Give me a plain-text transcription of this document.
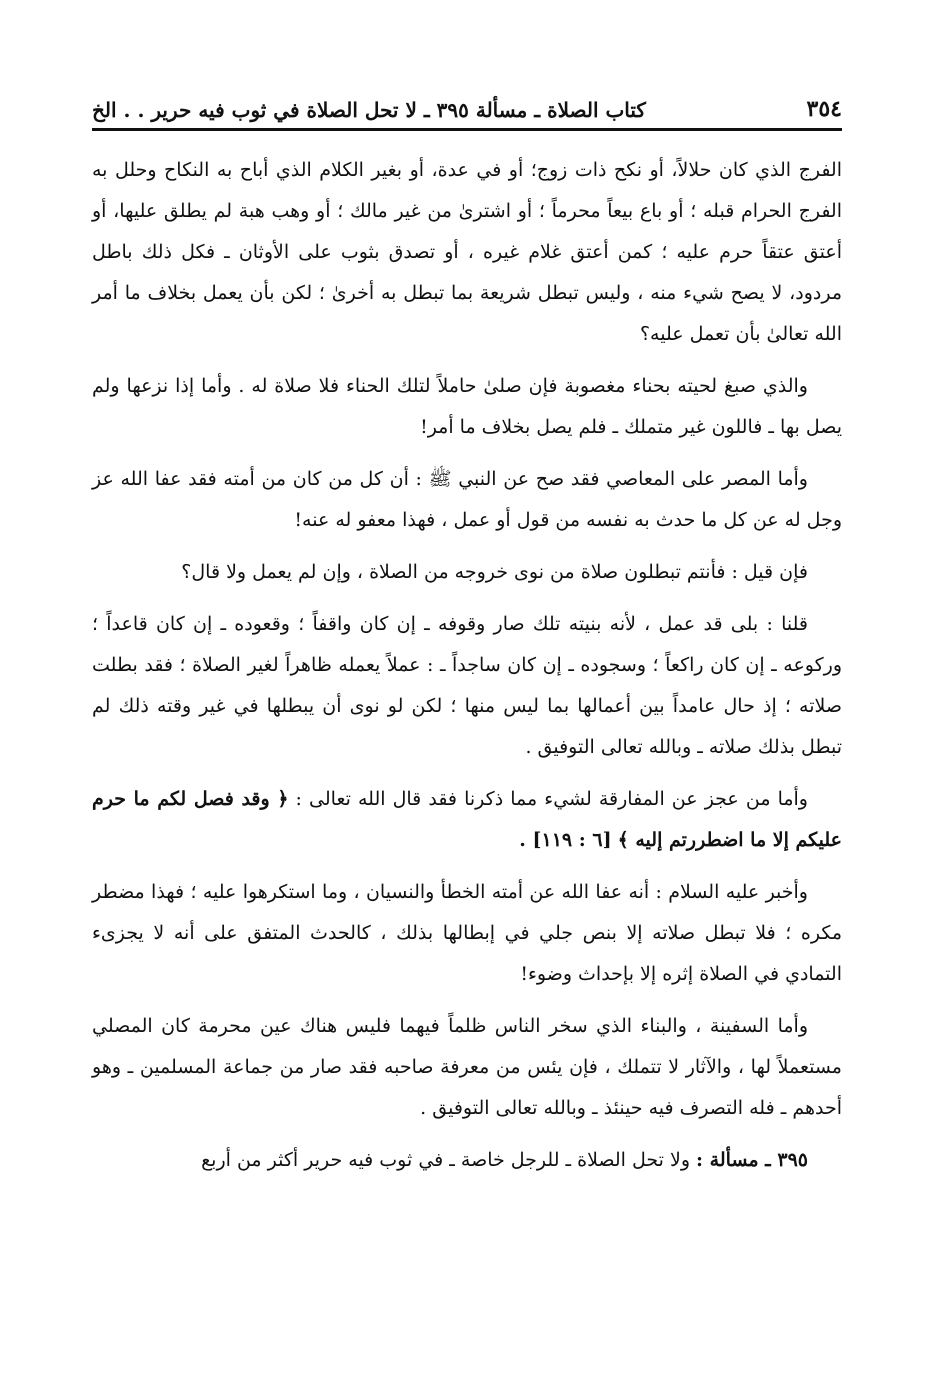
٣٥٤
كتاب الصلاة ـ مسألة ٣٩٥ ـ لا تحل الصلاة في ثوب فيه حرير . . الخ

الفرج الذي كان حلالاً، أو نكح ذات زوج؛ أو في عدة، أو بغير الكلام الذي أباح به النكاح وحلل به الفرج الحرام قبله ؛ أو باع بيعاً محرماً ؛ أو اشترىٰ من غير مالك ؛ أو وهب هبة لم يطلق عليها، أو أعتق عتقاً حرم عليه ؛ كمن أعتق غلام غيره ، أو تصدق بثوب على الأوثان ـ فكل ذلك باطل مردود، لا يصح شيء منه ، وليس تبطل شريعة بما تبطل به أخرىٰ ؛ لكن بأن يعمل بخلاف ما أمر الله تعالىٰ بأن تعمل عليه؟

والذي صبغ لحيته بحناء مغصوبة فإن صلىٰ حاملاً لتلك الحناء فلا صلاة له . وأما إذا نزعها ولم يصل بها ـ فاللون غير متملك ـ فلم يصل بخلاف ما أمر!

وأما المصر على المعاصي فقد صح عن النبي ﷺ : أن كل من كان من أمته فقد عفا الله عز وجل له عن كل ما حدث به نفسه من قول أو عمل ، فهذا معفو له عنه!

فإن قيل : فأنتم تبطلون صلاة من نوى خروجه من الصلاة ، وإن لم يعمل ولا قال؟

قلنا : بلى قد عمل ، لأنه بنيته تلك صار وقوفه ـ إن كان واقفاً ؛ وقعوده ـ إن كان قاعداً ؛ وركوعه ـ إن كان راكعاً ؛ وسجوده ـ إن كان ساجداً ـ : عملاً يعمله ظاهراً لغير الصلاة ؛ فقد بطلت صلاته ؛ إذ حال عامداً بين أعمالها بما ليس منها ؛ لكن لو نوى أن يبطلها في غير وقته ذلك لم تبطل بذلك صلاته ـ وبالله تعالى التوفيق .

وأما من عجز عن المفارقة لشيء مما ذكرنا فقد قال الله تعالى : ﴿ وقد فصل لكم ما حرم عليكم إلا ما اضطررتم إليه ﴾ [٦ : ١١٩] .

وأخبر عليه السلام : أنه عفا الله عن أمته الخطأ والنسيان ، وما استكرهوا عليه ؛ فهذا مضطر مكره ؛ فلا تبطل صلاته إلا بنص جلي في إبطالها بذلك ، كالحدث المتفق على أنه لا يجزىء التمادي في الصلاة إثره إلا بإحداث وضوء!

وأما السفينة ، والبناء الذي سخر الناس ظلماً فيهما فليس هناك عين محرمة كان المصلي مستعملاً لها ، والآثار لا تتملك ، فإن يئس من معرفة صاحبه فقد صار من جماعة المسلمين ـ وهو أحدهم ـ فله التصرف فيه حينئذ ـ وبالله تعالى التوفيق .

٣٩٥ ـ مسألة : ولا تحل الصلاة ـ للرجل خاصة ـ في ثوب فيه حرير أكثر من أربع
